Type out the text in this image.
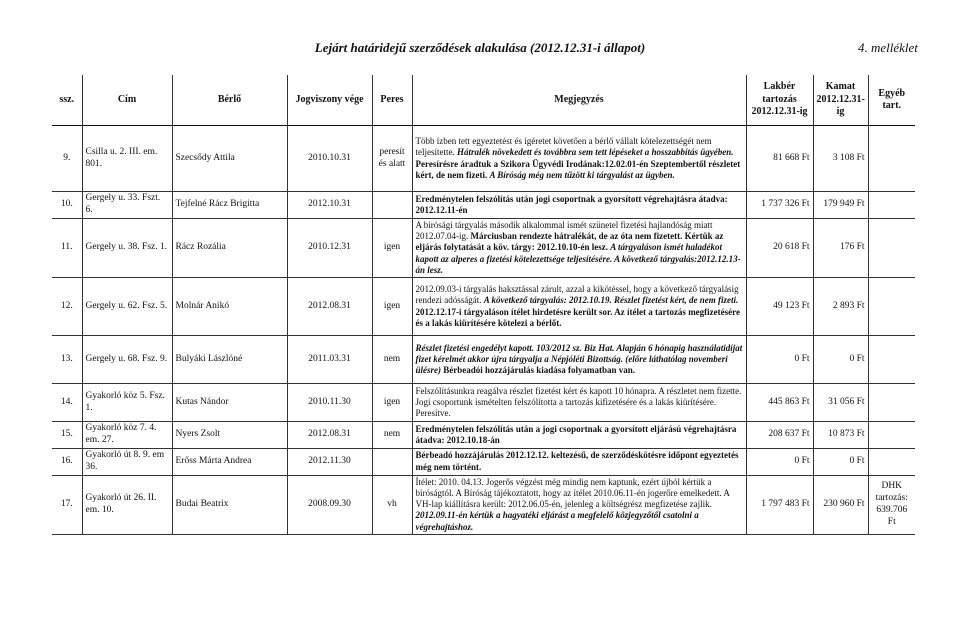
Lejárt határidejű szerződések alakulása (2012.12.31-i állapot)	4. melléklet
ssz.	Cím	Bérlő	Jogviszony vége	Peres	Megjegyzés	Lakbér tartozás 2012.12.31-ig	Kamat 2012.12.31-ig	Egyéb tart.
9.	Csilla u. 2. III. em. 801.	Szecsődy Attila	2010.10.31	peresít és alatt	Több ízben tett egyeztetést és ígéretet követően a bérlő vállalt kötelezettségét nem teljesítette. Hátralék növekedett és továbbra sem tett lépéseket a hosszabbítás ügyében. Peresírésre áradtuk a Szikora Ügyvédi Irodának:12.02.01-én Szeptembertől részletet kért, de nem fizeti. A Bíróság még nem tűzött ki tárgyalást az ügyben.	81 668 Ft	3 108 Ft	
10.	Gergely u. 33. Fszt. 6.	Tejfelné Rácz Brigitta	2012.10.31		Eredménytelen felszólítás után jogi csoportnak a gyorsított végrehajtásra átadva: 2012.12.11-én	1 737 326 Ft	179 949 Ft	
11.	Gergely u. 38. Fsz. 1.	Rácz Rozália	2010.12.31	igen	A bírósági tárgyalás második alkalommal ismét szünetel fizetési hajlandóság miatt 2012.07.04-ig. Márciusban rendezte hátralékát, de az óta nem fizetett. Kértük az eljárás folytatását a köv. tárgy: 2012.10.10-én lesz. A tárgyaláson ismét haladékot kapott az alperes a fizetési kötelezettsége teljesítésére. A következő tárgyalás:2012.12.13-án lesz.	20 618 Ft	176 Ft	
12.	Gergely u. 62. Fsz. 5.	Molnár Anikó	2012.08.31	igen	2012.09.03-i tárgyalás haksztással zárult, azzal a kikötéssel, hogy a következő tárgyalásig rendezi adósságát. A következő tárgyalás: 2012.10.19. Részlet fizetést kért, de nem fizeti. 2012.12.17-i tárgyaláson ítélet hirdetésre került sor. Az ítélet a tartozás megfizetésére és a lakás kiürítésére kötelezi a bérlőt.	49 123 Ft	2 893 Ft	
13.	Gergely u. 68. Fsz. 9.	Bulyáki Lászlóné	2011.03.31	nem	Részlet fizetési engedélyt kapott. 103/2012 sz. Biz Hat. Alapján 6 hónapig használatidíjat fizet kérelmét akkor újra tárgyalja a Népjóléti Bizottság. (előre láthatólag novemberi ülésre) Bérbeadói hozzájárulás kiadása folyamatban van.	0 Ft	0 Ft	
14.	Gyakorló köz 5. Fsz. 1.	Kutas Nándor	2010.11.30	igen	Felszólításunkra reagálva részlet fizetést kért és kapott 10 hónapra. A részletet nem fizette. Jogi csoportunk ismételten felszólította a tartozás kifizetésére és a lakás kiürítésére. Peresítve.	445 863 Ft	31 056 Ft	
15.	Gyakorló köz 7. 4. em. 27.	Nyers Zsolt	2012.08.31	nem	Eredménytelen felszólítás után a jogi csoportnak a gyorsított eljárású végrehajtásra átadva: 2012.10.18-án	208 637 Ft	10 873 Ft	
16.	Gyakorló út 8. 9. em 36.	Erőss Márta Andrea	2012.11.30		Bérbeadó hozzájárulás 2012.12.12. keltezésű, de szerződéskötésre időpont egyeztetés még nem történt.	0 Ft	0 Ft	
17.	Gyakorló út 26. II. em. 10.	Budai Beatrix	2008.09.30	vh	Ítélet: 2010. 04.13. Jogerős végzést még mindig nem kaptunk, ezért újból kértük a bíróságtól. A Bíróság tájékoztatott, hogy az ítélet 2010.06.11-én jogerőre emelkedett. A VH-lap kiállításra került: 2012.06.05-én, jelenleg a költségrész megfizetése zajlik. 2012.09.11-én kértük a hagyatéki eljárást a megfelelő közjegyzőtől csatolni a végrehajtáshoz.	1 797 483 Ft	230 960 Ft	DHK tartozás: 639.706 Ft
